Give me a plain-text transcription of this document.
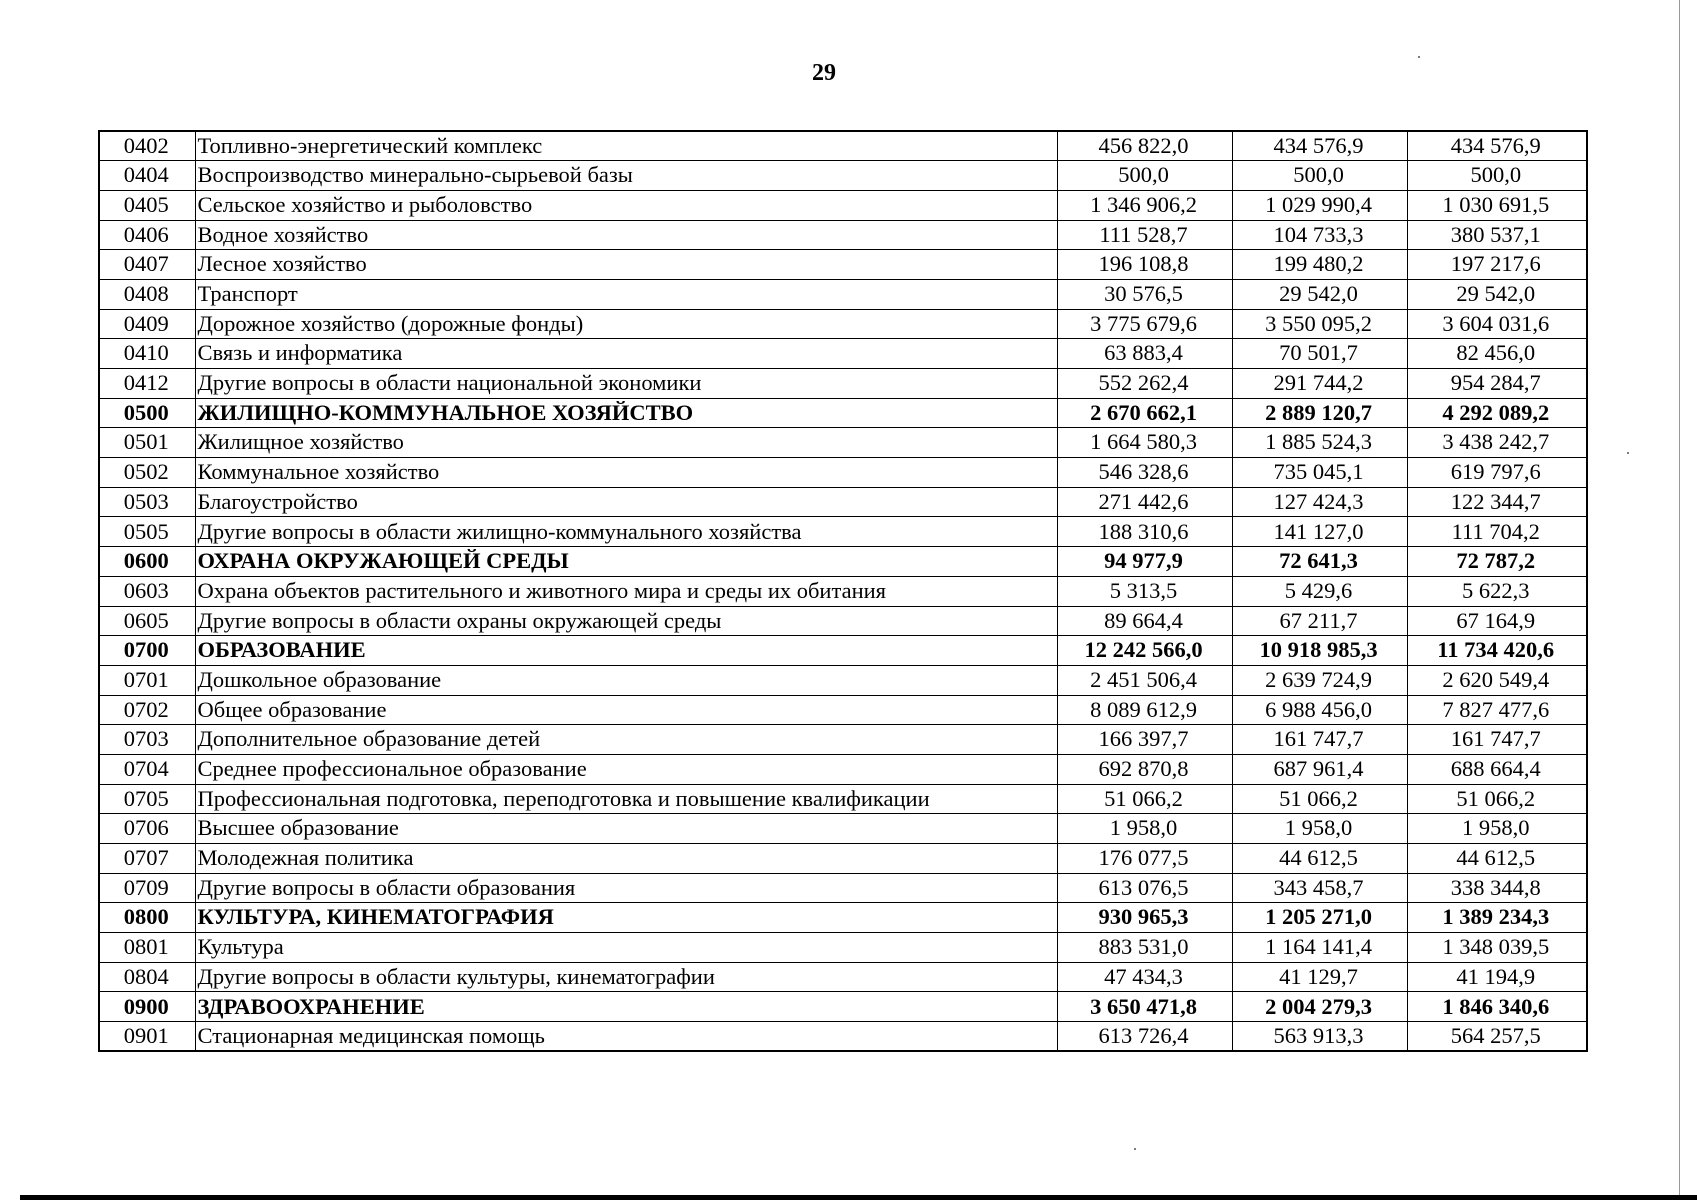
29
0402	Топливно-энергетический комплекс	456 822,0	434 576,9	434 576,9
0404	Воспроизводство минерально-сырьевой базы	500,0	500,0	500,0
0405	Сельское хозяйство и рыболовство	1 346 906,2	1 029 990,4	1 030 691,5
0406	Водное хозяйство	111 528,7	104 733,3	380 537,1
0407	Лесное хозяйство	196 108,8	199 480,2	197 217,6
0408	Транспорт	30 576,5	29 542,0	29 542,0
0409	Дорожное хозяйство (дорожные фонды)	3 775 679,6	3 550 095,2	3 604 031,6
0410	Связь и информатика	63 883,4	70 501,7	82 456,0
0412	Другие вопросы в области национальной экономики	552 262,4	291 744,2	954 284,7
0500	ЖИЛИЩНО-КОММУНАЛЬНОЕ ХОЗЯЙСТВО	2 670 662,1	2 889 120,7	4 292 089,2
0501	Жилищное хозяйство	1 664 580,3	1 885 524,3	3 438 242,7
0502	Коммунальное хозяйство	546 328,6	735 045,1	619 797,6
0503	Благоустройство	271 442,6	127 424,3	122 344,7
0505	Другие вопросы в области жилищно-коммунального хозяйства	188 310,6	141 127,0	111 704,2
0600	ОХРАНА ОКРУЖАЮЩЕЙ СРЕДЫ	94 977,9	72 641,3	72 787,2
0603	Охрана объектов растительного и животного мира и среды их обитания	5 313,5	5 429,6	5 622,3
0605	Другие вопросы в области охраны окружающей среды	89 664,4	67 211,7	67 164,9
0700	ОБРАЗОВАНИЕ	12 242 566,0	10 918 985,3	11 734 420,6
0701	Дошкольное образование	2 451 506,4	2 639 724,9	2 620 549,4
0702	Общее образование	8 089 612,9	6 988 456,0	7 827 477,6
0703	Дополнительное образование детей	166 397,7	161 747,7	161 747,7
0704	Среднее профессиональное образование	692 870,8	687 961,4	688 664,4
0705	Профессиональная подготовка, переподготовка и повышение квалификации	51 066,2	51 066,2	51 066,2
0706	Высшее образование	1 958,0	1 958,0	1 958,0
0707	Молодежная политика	176 077,5	44 612,5	44 612,5
0709	Другие вопросы в области образования	613 076,5	343 458,7	338 344,8
0800	КУЛЬТУРА, КИНЕМАТОГРАФИЯ	930 965,3	1 205 271,0	1 389 234,3
0801	Культура	883 531,0	1 164 141,4	1 348 039,5
0804	Другие вопросы в области культуры, кинематографии	47 434,3	41 129,7	41 194,9
0900	ЗДРАВООХРАНЕНИЕ	3 650 471,8	2 004 279,3	1 846 340,6
0901	Стационарная медицинская помощь	613 726,4	563 913,3	564 257,5
